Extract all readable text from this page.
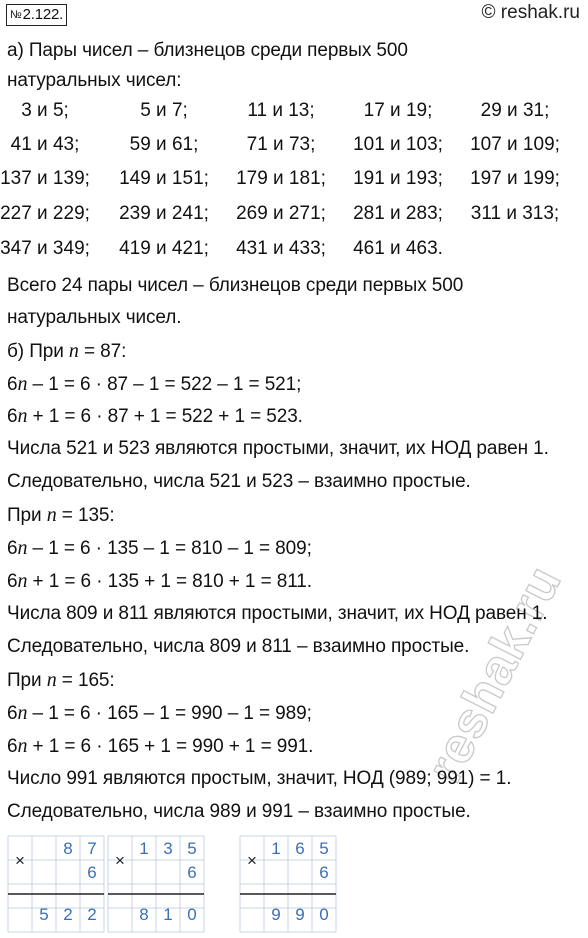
№2.122.	© reshak.ru
reshak.ru
а) Пары чисел – близнецов среди первых 500
натуральных чисел:
3 и 5;	5 и 7;	11 и 13;	17 и 19;	29 и 31;
41 и 43;	59 и 61;	71 и 73;	101 и 103;	107 и 109;
137 и 139;	149 и 151;	179 и 181;	191 и 193;	197 и 199;
227 и 229;	239 и 241;	269 и 271;	281 и 283;	311 и 313;
347 и 349;	419 и 421;	431 и 433;	461 и 463.
Всего 24 пары чисел – близнецов среди первых 500
натуральных чисел.
б) При n = 87:
6n – 1 = 6 · 87 – 1 = 522 – 1 = 521;
6n + 1 = 6 · 87 + 1 = 522 + 1 = 523.
Числа 521 и 523 являются простыми, значит, их НОД равен 1.
Следовательно, числа 521 и 523 – взаимно простые.
При n = 135:
6n – 1 = 6 · 135 – 1 = 810 – 1 = 809;
6n + 1 = 6 · 135 + 1 = 810 + 1 = 811.
Числа 809 и 811 являются простыми, значит, их НОД равен 1.
Следовательно, числа 809 и 811 – взаимно простые.
При n = 165:
6n – 1 = 6 · 165 – 1 = 990 – 1 = 989;
6n + 1 = 6 · 165 + 1 = 990 + 1 = 991.
Число 991 являются простым, значит, НОД (989; 991) = 1.
Следовательно, числа 989 и 991 – взаимно простые.
×
8 7
6
5 2 2
×
1 3 5
6
8 1 0
×
1 6 5
6
9 9 0
